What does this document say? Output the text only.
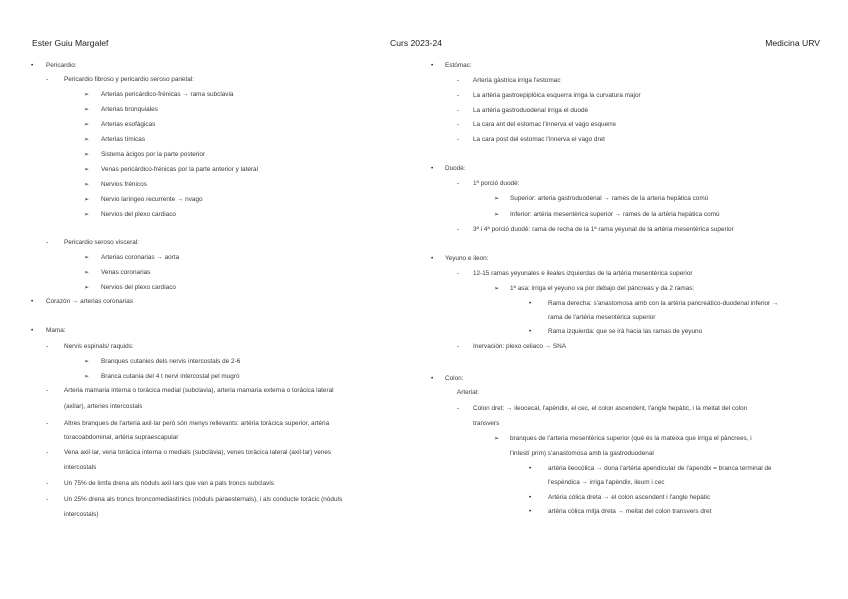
Ester Guiu Margalef	Curs 2023-24	Medicina URV
•
Pericardio:
-
Pericardio fibroso y pericardio seroso parietal:
➢
Arterias pericárdico-frénicas → rama subclavia
➢
Arterias bronquiales
➢
Arterias esofágicas
➢
Arterias tímicas
➢
Sistema ácigos por la parte posterior
➢
Venas pericárdico-frénicas por la parte anterior y lateral
➢
Nervios frénicos
➢
Nervio laríngeo recurrente → nvago
➢
Nervios del plexo cardiaco
-
Pericardio seroso visceral:
➢
Arterias coronarias → aorta
➢
Venas coronarias
➢
Nervios del plexo cardiaco
•
Corazón → arterias coronarias
•
Mama:
-
Nervis espinals/ raquids:
➢
Branques cutanies dels nervis intercostals de 2-6
➢
Branca cutania del 4 t nervi intercostal pel mugró
-
Arteria mamaria interna o torácica medial (subclavia), arteria mamaria externa o torácica lateral
(axilar), arteries intercostals
-
Altres branques de l'arteria axil·lar però són menys rellevants: artéria toràcica superior, artéria
toracoabdominal, artéria supraescapular
-
Vena axil·lar, vena toràcica interna o medials (subclàvia), venes toràcica lateral (axil·lar) venes
intercostals
-
Un 75% de limfa drena als nòduls axil·lars que van a pals troncs subclavis
-
Un 25% drena als troncs broncomediastínics (nòduls paraesternals), i als conducte toràcic (nòduls
intercostals)
•
Estómac:
-
Arteria gàstrica irriga l'estomac
-
La artéria gastroepiplóica esquerra irriga la curvatura major
-
La artéria gastroduodenal irriga el duodè
-
La cara ant del estomac l'innerva el vago esquerre
-
La cara post del estomac l'innerva el vago dret
•
Duodè:
-
1ª porció duodè:
➢
Superior: arteria gastroduodenal → rames de la arteria hepàtica comú
➢
Inferior: artéria mesentèrica superior → rames de la artéria hepàtica comú
-
3ª i 4ª porció duodè: rama de recha de la 1ª rama yeyunal de la artéria mesentèrica superior
•
Yeyuno e ileon:
-
12-15 ramas yeyunales e ileales izquierdas de la artéria mesentèrica superior
➢
1ª asa: irriga el yeyuno va por debajo del páncreas y da 2 ramas:
•
Rama derecha: s'anastomosa amb con la artéria pancreático-duodenal inferior →
rama de l'artéria mesentèrica superior
•
Rama izquierda: que se irà hacia las ramas de yeyuno
-
Inervación: plexo celiaco → SNA
•
Colon:
Arterial:
-
Colon dret: → ileocecal, l'apèndix, el cec, el colon ascendent, l'angle hepàtic, i la meitat del colon
transvers
➢
branques de l'arteria mesentèrica superior (què és la mateixa que irriga el pàncrees, i
l'intestí prim) s'anastomosa amb la gastroduodenal
•
artéria ileocòlica → dona l'artéria apendicular de l'apendix = branca terminal de
l'espèndica → irriga l'apèndix, ileum i cec
•
Artéria còlica dreta → el colon ascendent i l'angle hepàtic
•
artéria còlica mitja dreta → meitat del colon transvers dret
